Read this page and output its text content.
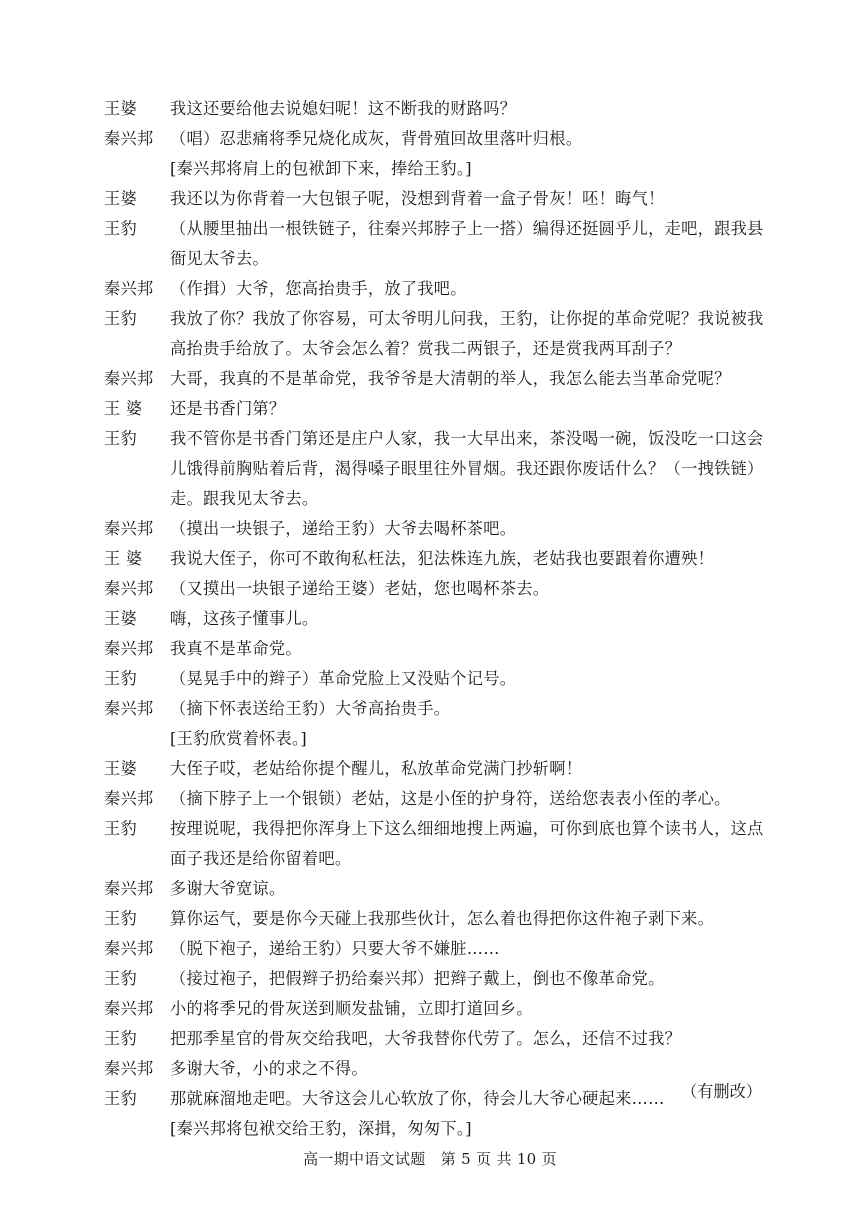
王婆	我这还要给他去说媳妇呢！这不断我的财路吗？
秦兴邦	（唱）忍悲痛将季兄烧化成灰，背骨殖回故里落叶归根。
[秦兴邦将肩上的包袱卸下来，捧给王豹。]
王婆	我还以为你背着一大包银子呢，没想到背着一盒子骨灰！呸！晦气！
王豹	（从腰里抽出一根铁链子，往秦兴邦脖子上一搭）编得还挺圆乎儿，走吧，跟我县衙见太爷去。
秦兴邦	（作揖）大爷，您高抬贵手，放了我吧。
王豹	我放了你？我放了你容易，可太爷明儿问我，王豹，让你捉的革命党呢？我说被我高抬贵手给放了。太爷会怎么着？赏我二两银子，还是赏我两耳刮子？
秦兴邦	大哥，我真的不是革命党，我爷爷是大清朝的举人，我怎么能去当革命党呢？
王 婆	还是书香门第？
王豹	我不管你是书香门第还是庄户人家，我一大早出来，茶没喝一碗，饭没吃一口这会儿饿得前胸贴着后背，渴得嗓子眼里往外冒烟。我还跟你废话什么？（一拽铁链）走。跟我见太爷去。
秦兴邦	（摸出一块银子，递给王豹）大爷去喝杯茶吧。
王 婆	我说大侄子，你可不敢徇私枉法，犯法株连九族，老姑我也要跟着你遭殃！
秦兴邦	（又摸出一块银子递给王婆）老姑，您也喝杯茶去。
王婆	嗨，这孩子懂事儿。
秦兴邦	我真不是革命党。
王豹	（晃晃手中的辫子）革命党脸上又没贴个记号。
秦兴邦	（摘下怀表送给王豹）大爷高抬贵手。
[王豹欣赏着怀表。]
王婆	大侄子哎，老姑给你提个醒儿，私放革命党满门抄斩啊！
秦兴邦	（摘下脖子上一个银锁）老姑，这是小侄的护身符，送给您表表小侄的孝心。
王豹	按理说呢，我得把你浑身上下这么细细地搜上两遍，可你到底也算个读书人，这点面子我还是给你留着吧。
秦兴邦	多谢大爷宽谅。
王豹	算你运气，要是你今天碰上我那些伙计，怎么着也得把你这件袍子剥下来。
秦兴邦	（脱下袍子，递给王豹）只要大爷不嫌脏……
王豹	（接过袍子，把假辫子扔给秦兴邦）把辫子戴上，倒也不像革命党。
秦兴邦	小的将季兄的骨灰送到顺发盐铺，立即打道回乡。
王豹	把那季星官的骨灰交给我吧，大爷我替你代劳了。怎么，还信不过我？
秦兴邦	多谢大爷，小的求之不得。
王豹	那就麻溜地走吧。大爷这会儿心软放了你，待会儿大爷心硬起来……
[秦兴邦将包袱交给王豹，深揖，匆匆下。]
（有删改）
高一期中语文试题　第 5 页 共 10 页
